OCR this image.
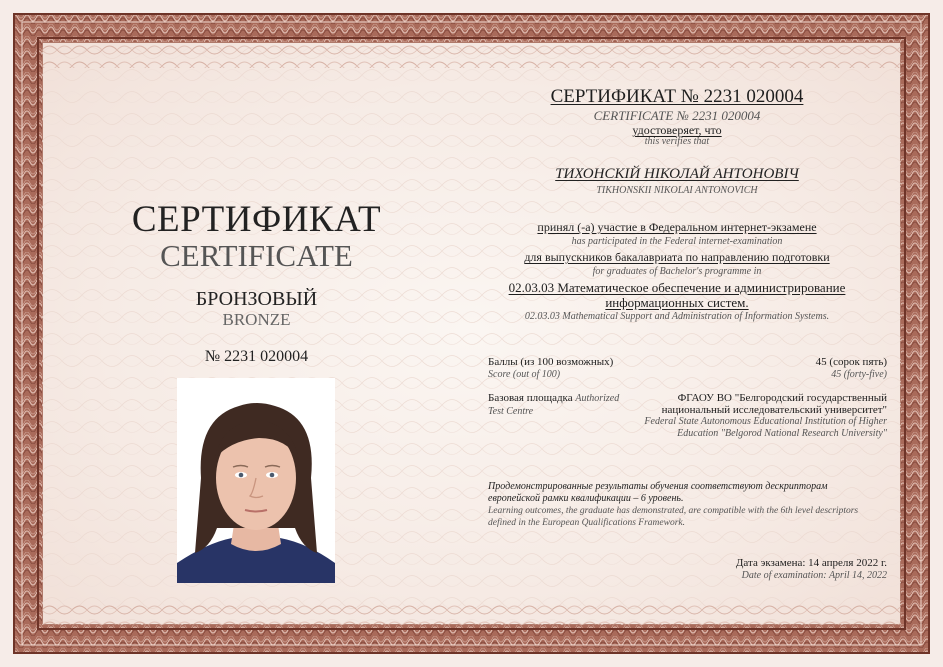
СЕРТИФИКАТ
CERTIFICATE
БРОНЗОВЫЙ
BRONZE
№ 2231 020004
СЕРТИФИКАТ № 2231 020004
CERTIFICATE № 2231 020004
удостоверяет, что
this verifies that
ТИХОНСКІЙ НІКОЛАЙ АНТОНОВІЧ
TIKHONSKII NIKOLAI ANTONOVICH
принял (-а) участие в Федеральном интернет-экзамене
has participated in the Federal internet-examination
для выпускников бакалавриата по направлению подготовки
for graduates of Bachelor's programme in
02.03.03 Математическое обеспечение и администрирование
информационных систем.
02.03.03 Mathematical Support and Administration of Information Systems.
Баллы (из 100 возможных)
Score (out of 100)
45 (сорок пять)
45 (forty-five)
Базовая площадка Authorized
Test Centre
ФГАОУ ВО "Белгородский государственный
национальный исследовательский университет"
Federal State Autonomous Educational Institution of Higher
Education "Belgorod National Research University"
Продемонстрированные результаты обучения соответствуют дескрипторам
европейской рамки квалификации – 6 уровень.
Learning outcomes, the graduate has demonstrated, are compatible with the 6th level descriptors
defined in the European Qualifications Framework.
Дата экзамена: 14 апреля 2022 г.
Date of examination: April 14, 2022
